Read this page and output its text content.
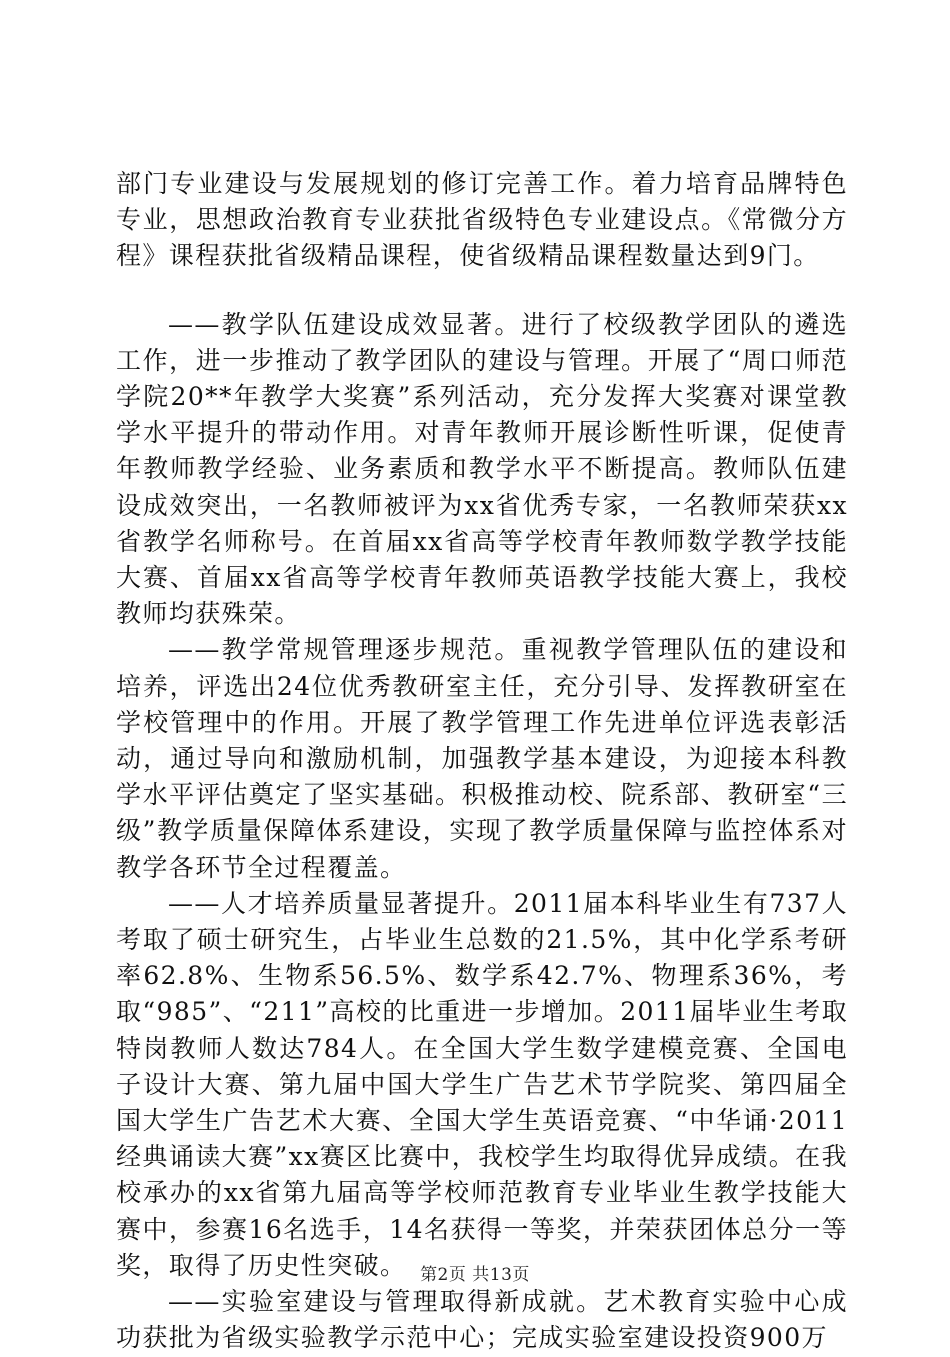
部门专业建设与发展规划的修订完善工作。着力培育品牌特色专业，思想政治教育专业获批省级特色专业建设点。《常微分方程》课程获批省级精品课程，使省级精品课程数量达到9门。

——教学队伍建设成效显著。进行了校级教学团队的遴选工作，进一步推动了教学团队的建设与管理。开展了“周口师范学院20**年教学大奖赛”系列活动，充分发挥大奖赛对课堂教学水平提升的带动作用。对青年教师开展诊断性听课，促使青年教师教学经验、业务素质和教学水平不断提高。教师队伍建设成效突出，一名教师被评为xx省优秀专家，一名教师荣获xx省教学名师称号。在首届xx省高等学校青年教师数学教学技能大赛、首届xx省高等学校青年教师英语教学技能大赛上，我校教师均获殊荣。

——教学常规管理逐步规范。重视教学管理队伍的建设和培养，评选出24位优秀教研室主任，充分引导、发挥教研室在学校管理中的作用。开展了教学管理工作先进单位评选表彰活动，通过导向和激励机制，加强教学基本建设，为迎接本科教学水平评估奠定了坚实基础。积极推动校、院系部、教研室“三级”教学质量保障体系建设，实现了教学质量保障与监控体系对教学各环节全过程覆盖。

——人才培养质量显著提升。2011届本科毕业生有737人考取了硕士研究生，占毕业生总数的21.5%，其中化学系考研率62.8%、生物系56.5%、数学系42.7%、物理系36%，考取“985”、“211”高校的比重进一步增加。2011届毕业生考取特岗教师人数达784人。在全国大学生数学建模竞赛、全国电子设计大赛、第九届中国大学生广告艺术节学院奖、第四届全国大学生广告艺术大赛、全国大学生英语竞赛、“中华诵·2011经典诵读大赛”xx赛区比赛中，我校学生均取得优异成绩。在我校承办的xx省第九届高等学校师范教育专业毕业生教学技能大赛中，参赛16名选手，14名获得一等奖，并荣获团体总分一等奖，取得了历史性突破。

——实验室建设与管理取得新成就。艺术教育实验中心成功获批为省级实验教学示范中心；完成实验室建设投资900万

第2页 共13页
